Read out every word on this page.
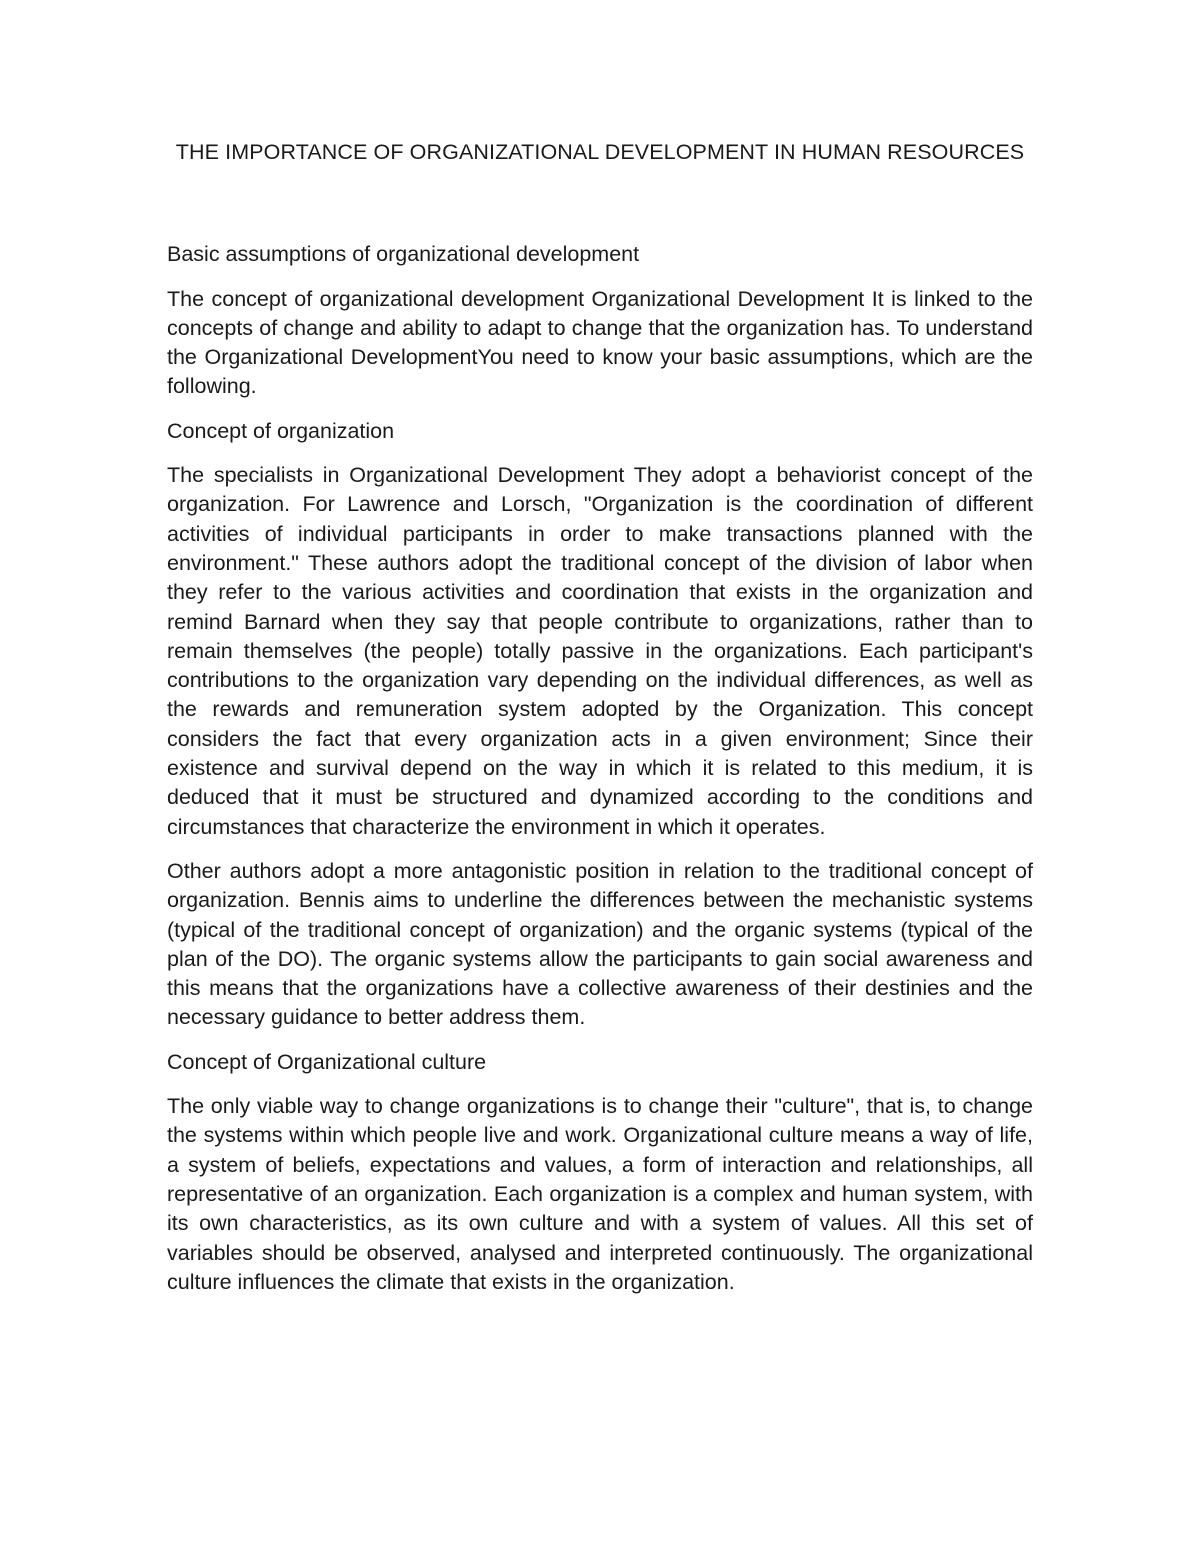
THE IMPORTANCE OF ORGANIZATIONAL DEVELOPMENT IN HUMAN RESOURCES
Basic assumptions of organizational development

The concept of organizational development Organizational Development It is linked to the concepts of change and ability to adapt to change that the organization has. To understand the Organizational DevelopmentYou need to know your basic assumptions, which are the following.

Concept of organization

The specialists in Organizational Development They adopt a behaviorist concept of the organization. For Lawrence and Lorsch, "Organization is the coordination of different activities of individual participants in order to make transactions planned with the environment." These authors adopt the traditional concept of the division of labor when they refer to the various activities and coordination that exists in the organization and remind Barnard when they say that people contribute to organizations, rather than to remain themselves (the people) totally passive in the organizations. Each participant's contributions to the organization vary depending on the individual differences, as well as the rewards and remuneration system adopted by the Organization. This concept considers the fact that every organization acts in a given environment; Since their existence and survival depend on the way in which it is related to this medium, it is deduced that it must be structured and dynamized according to the conditions and circumstances that characterize the environment in which it operates.

Other authors adopt a more antagonistic position in relation to the traditional concept of organization. Bennis aims to underline the differences between the mechanistic systems (typical of the traditional concept of organization) and the organic systems (typical of the plan of the DO). The organic systems allow the participants to gain social awareness and this means that the organizations have a collective awareness of their destinies and the necessary guidance to better address them.

Concept of Organizational culture

The only viable way to change organizations is to change their "culture", that is, to change the systems within which people live and work. Organizational culture means a way of life, a system of beliefs, expectations and values, a form of interaction and relationships, all representative of an organization. Each organization is a complex and human system, with its own characteristics, as its own culture and with a system of values. All this set of variables should be observed, analysed and interpreted continuously. The organizational culture influences the climate that exists in the organization.
